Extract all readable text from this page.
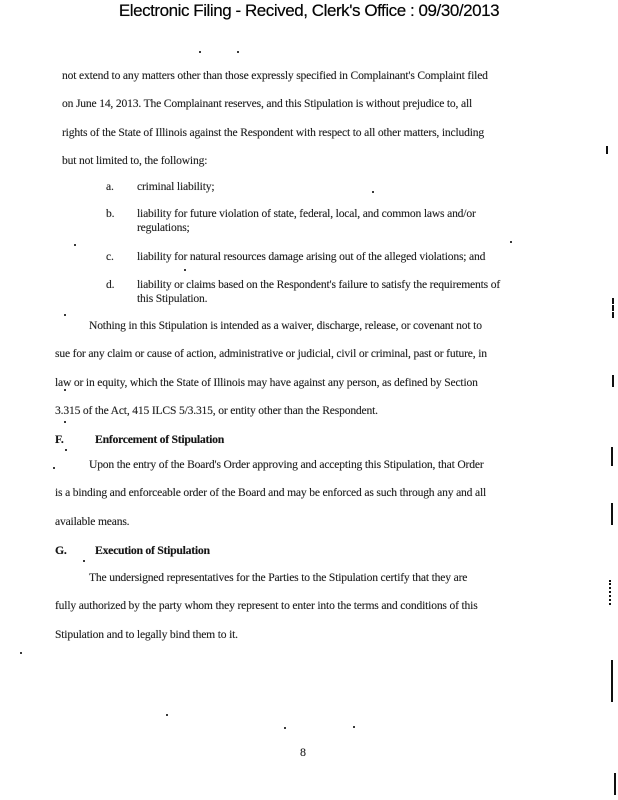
Electronic Filing - Recived, Clerk's Office : 09/30/2013
not extend to any matters other than those expressly specified in Complainant's Complaint filed
on June 14, 2013. The Complainant reserves, and this Stipulation is without prejudice to, all
rights of the State of Illinois against the Respondent with respect to all other matters, including
but not limited to, the following:
a. criminal liability;
b. liability for future violation of state, federal, local, and common laws and/or
regulations;
c. liability for natural resources damage arising out of the alleged violations; and
d. liability or claims based on the Respondent's failure to satisfy the requirements of
this Stipulation.
Nothing in this Stipulation is intended as a waiver, discharge, release, or covenant not to
sue for any claim or cause of action, administrative or judicial, civil or criminal, past or future, in
law or in equity, which the State of Illinois may have against any person, as defined by Section
3.315 of the Act, 415 ILCS 5/3.315, or entity other than the Respondent.
F.	Enforcement of Stipulation
Upon the entry of the Board's Order approving and accepting this Stipulation, that Order
is a binding and enforceable order of the Board and may be enforced as such through any and all
available means.
G. Execution of Stipulation
The undersigned representatives for the Parties to the Stipulation certify that they are
fully authorized by the party whom they represent to enter into the terms and conditions of this
Stipulation and to legally bind them to it.
8
